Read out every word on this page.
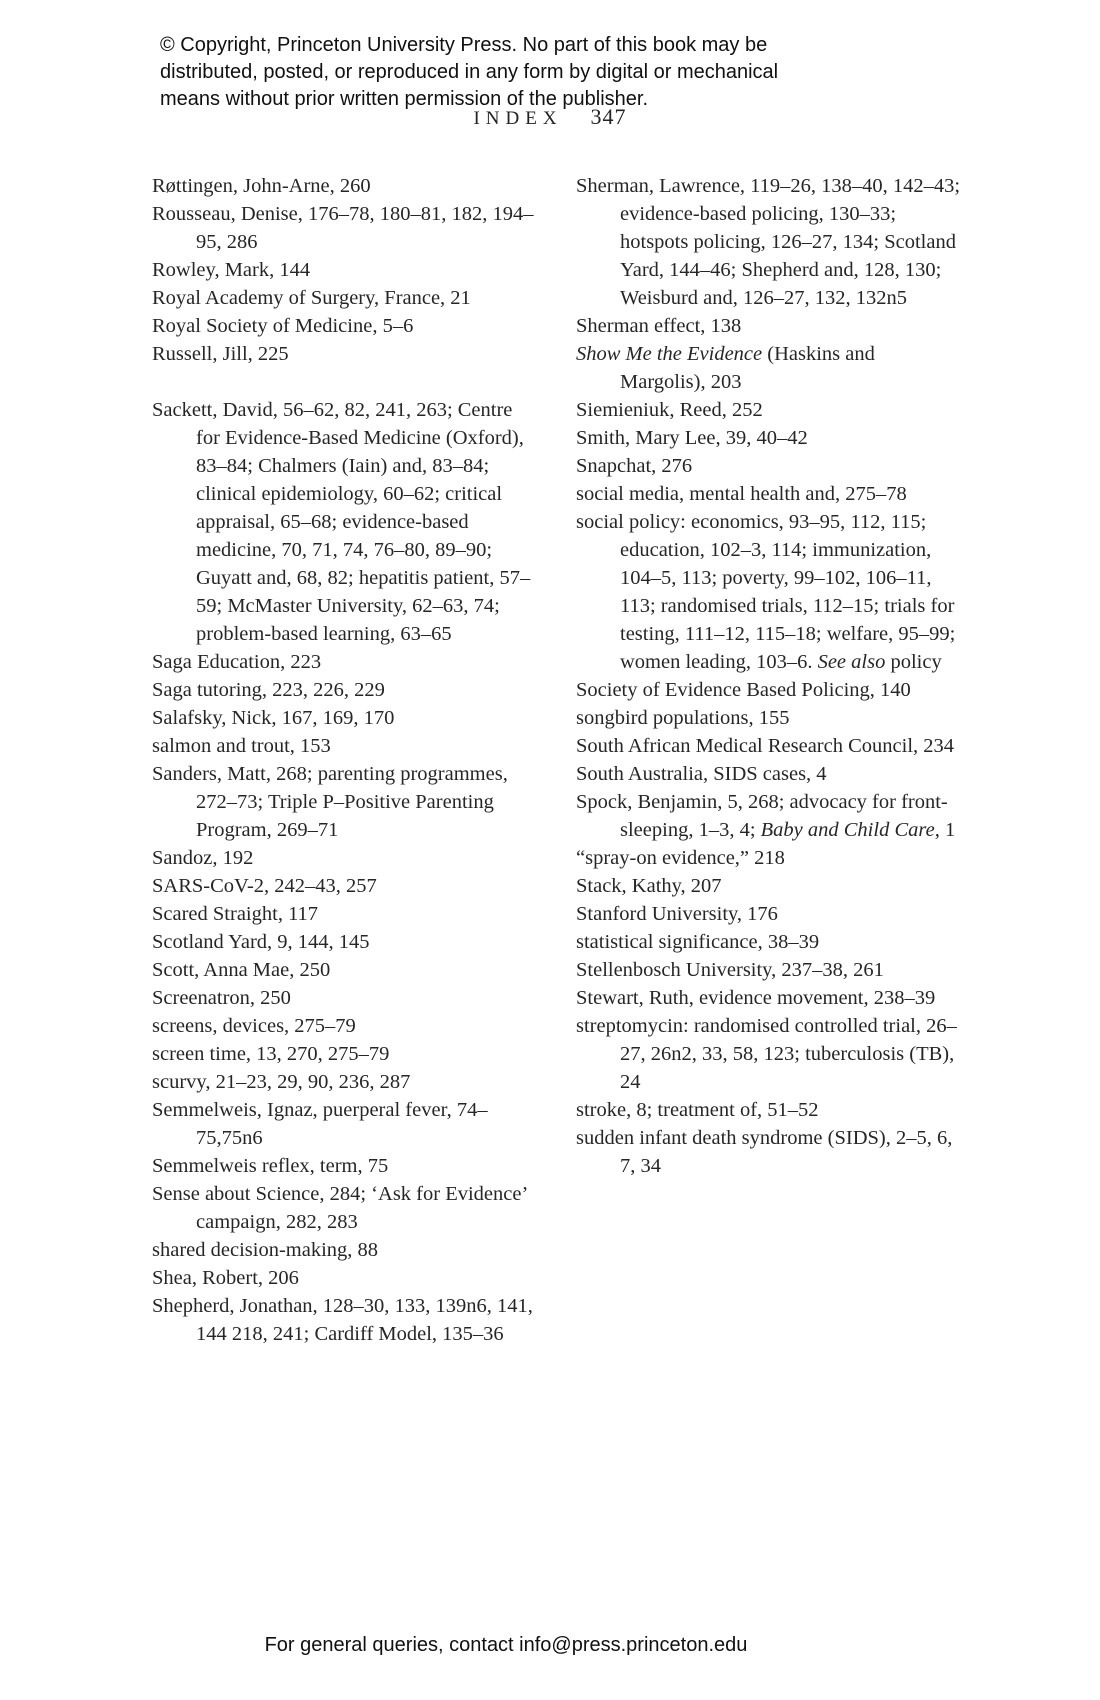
© Copyright, Princeton University Press. No part of this book may be distributed, posted, or reproduced in any form by digital or mechanical means without prior written permission of the publisher.

INDEX 347

Røttingen, John-Arne, 260

Rousseau, Denise, 176–78, 180–81, 182, 194–95, 286

Rowley, Mark, 144

Royal Academy of Surgery, France, 21

Royal Society of Medicine, 5–6

Russell, Jill, 225

Sackett, David, 56–62, 82, 241, 263; Centre for Evidence-Based Medicine (Oxford), 83–84; Chalmers (Iain) and, 83–84; clinical epidemiology, 60–62; critical appraisal, 65–68; evidence-based medicine, 70, 71, 74, 76–80, 89–90; Guyatt and, 68, 82; hepatitis patient, 57–59; McMaster University, 62–63, 74; problem-based learning, 63–65

Saga Education, 223

Saga tutoring, 223, 226, 229

Salafsky, Nick, 167, 169, 170

salmon and trout, 153

Sanders, Matt, 268; parenting programmes, 272–73; Triple P–Positive Parenting Program, 269–71

Sandoz, 192

SARS-CoV-2, 242–43, 257

Scared Straight, 117

Scotland Yard, 9, 144, 145

Scott, Anna Mae, 250

Screenatron, 250

screens, devices, 275–79

screen time, 13, 270, 275–79

scurvy, 21–23, 29, 90, 236, 287

Semmelweis, Ignaz, puerperal fever, 74–75,75n6

Semmelweis reflex, term, 75

Sense about Science, 284; ‘Ask for Evidence’ campaign, 282, 283

shared decision-making, 88

Shea, Robert, 206

Shepherd, Jonathan, 128–30, 133, 139n6, 141, 144 218, 241; Cardiff Model, 135–36

Sherman, Lawrence, 119–26, 138–40, 142–43; evidence-based policing, 130–33; hotspots policing, 126–27, 134; Scotland Yard, 144–46; Shepherd and, 128, 130; Weisburd and, 126–27, 132, 132n5

Sherman effect, 138

Show Me the Evidence (Haskins and Margolis), 203

Siemieniuk, Reed, 252

Smith, Mary Lee, 39, 40–42

Snapchat, 276

social media, mental health and, 275–78

social policy: economics, 93–95, 112, 115; education, 102–3, 114; immunization, 104–5, 113; poverty, 99–102, 106–11, 113; randomised trials, 112–15; trials for testing, 111–12, 115–18; welfare, 95–99; women leading, 103–6. See also policy

Society of Evidence Based Policing, 140

songbird populations, 155

South African Medical Research Council, 234

South Australia, SIDS cases, 4

Spock, Benjamin, 5, 268; advocacy for front-sleeping, 1–3, 4; Baby and Child Care, 1

“spray-on evidence,” 218

Stack, Kathy, 207

Stanford University, 176

statistical significance, 38–39

Stellenbosch University, 237–38, 261

Stewart, Ruth, evidence movement, 238–39

streptomycin: randomised controlled trial, 26–27, 26n2, 33, 58, 123; tuberculosis (TB), 24

stroke, 8; treatment of, 51–52

sudden infant death syndrome (SIDS), 2–5, 6, 7, 34

For general queries, contact info@press.princeton.edu
